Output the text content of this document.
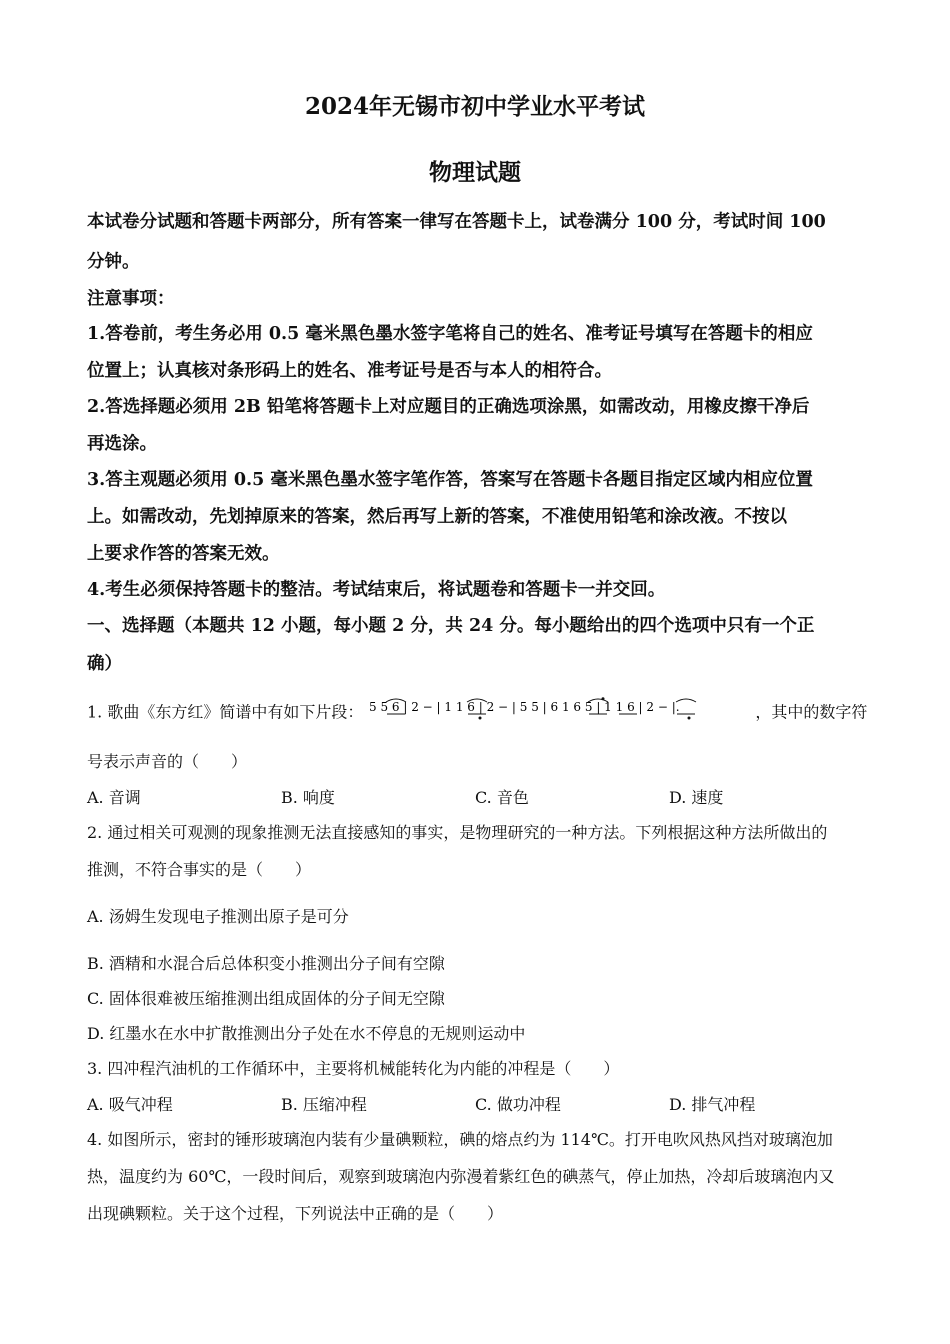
2024年无锡市初中学业水平考试
物理试题
本试卷分试题和答题卡两部分，所有答案一律写在答题卡上，试卷满分 100 分，考试时间 100
分钟。
注意事项：
1.答卷前，考生务必用 0.5 毫米黑色墨水签字笔将自己的姓名、准考证号填写在答题卡的相应
位置上；认真核对条形码上的姓名、准考证号是否与本人的相符合。
2.答选择题必须用 2B 铅笔将答题卡上对应题目的正确选项涂黑，如需改动，用橡皮擦干净后
再选涂。
3.答主观题必须用 0.5 毫米黑色墨水签字笔作答，答案写在答题卡各题目指定区域内相应位置
上。如需改动，先划掉原来的答案，然后再写上新的答案，不准使用铅笔和涂改液。不按以
上要求作答的答案无效。
4.考生必须保持答题卡的整洁。考试结束后，将试题卷和答题卡一并交回。
一、选择题（本题共 12 小题，每小题 2 分，共 24 分。每小题给出的四个选项中只有一个正
确）
1. 歌曲《东方红》简谱中有如下片段： 5 5 6 | 2 − | 1 1 6 | 2 − | 5 5 | 6 1 6 5 | 1 1 6 | 2 − |.	，其中的数字符
号表示声音的（　　）
A. 音调	B. 响度	C. 音色	D. 速度
2. 通过相关可观测的现象推测无法直接感知的事实，是物理研究的一种方法。下列根据这种方法所做出的
推测，不符合事实的是（　　）
A. 汤姆生发现电子推测出原子是可分
B. 酒精和水混合后总体积变小推测出分子间有空隙
C. 固体很难被压缩推测出组成固体的分子间无空隙
D. 红墨水在水中扩散推测出分子处在水不停息的无规则运动中
3. 四冲程汽油机的工作循环中，主要将机械能转化为内能的冲程是（　　）
A. 吸气冲程	B. 压缩冲程	C. 做功冲程	D. 排气冲程
4. 如图所示，密封的锤形玻璃泡内装有少量碘颗粒，碘的熔点约为 114℃。打开电吹风热风挡对玻璃泡加
热，温度约为 60℃，一段时间后，观察到玻璃泡内弥漫着紫红色的碘蒸气，停止加热，冷却后玻璃泡内又
出现碘颗粒。关于这个过程，下列说法中正确的是（　　）
